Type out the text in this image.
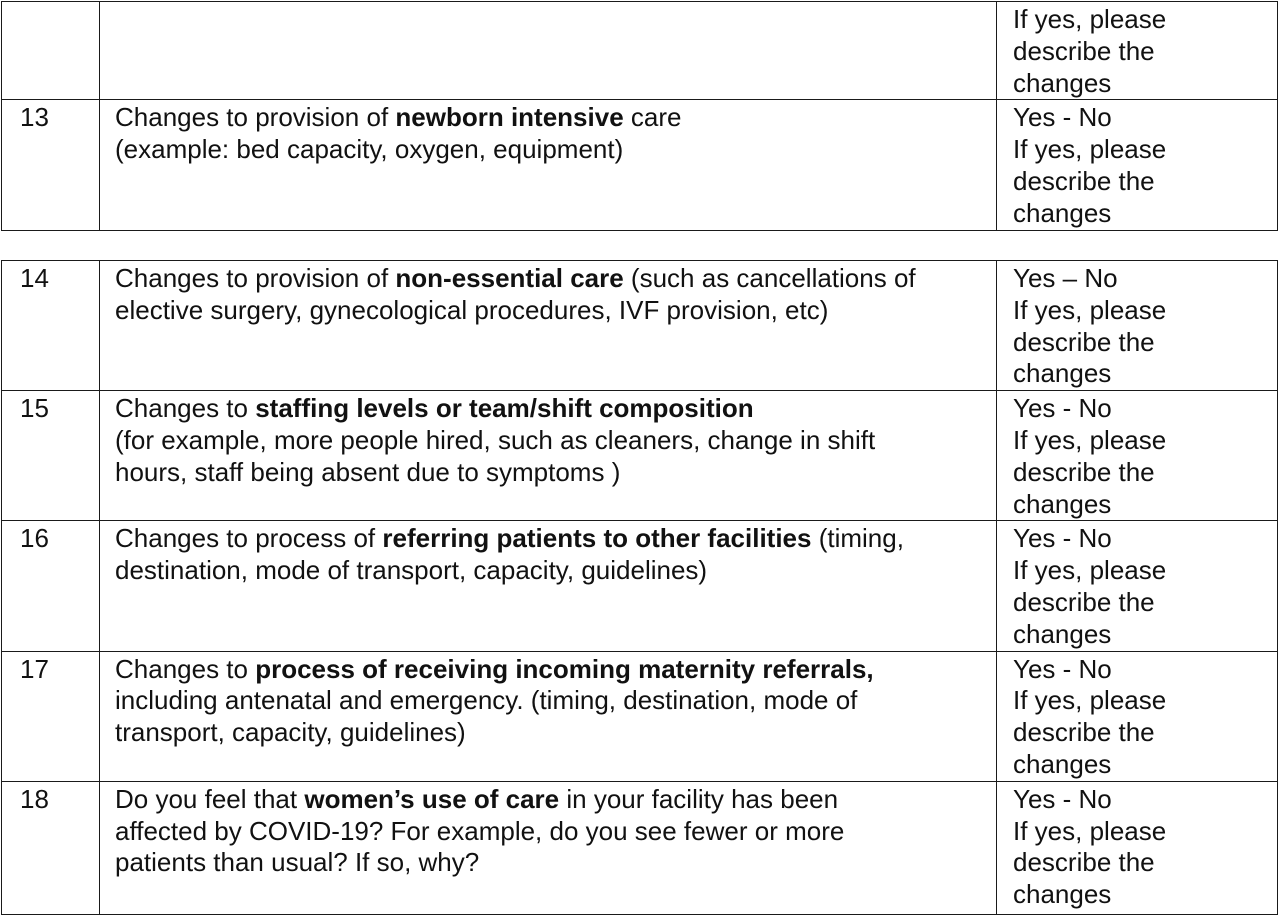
		If yes, please
describe the
changes

13	Changes to provision of newborn intensive care
(example: bed capacity, oxygen, equipment)	Yes - No
If yes, please
describe the
changes
14	Changes to provision of non-essential care (such as cancellations of
elective surgery, gynecological procedures, IVF provision, etc)	Yes – No
If yes, please
describe the
changes

15	Changes to staffing levels or team/shift composition
(for example, more people hired, such as cleaners, change in shift
hours, staff being absent due to symptoms )	Yes - No
If yes, please
describe the
changes

16	Changes to process of referring patients to other facilities (timing,
destination, mode of transport, capacity, guidelines)	Yes - No
If yes, please
describe the
changes

17	Changes to process of receiving incoming maternity referrals,
including antenatal and emergency. (timing, destination, mode of
transport, capacity, guidelines)	Yes - No
If yes, please
describe the
changes

18	Do you feel that women’s use of care in your facility has been
affected by COVID-19? For example, do you see fewer or more
patients than usual? If so, why?	Yes - No
If yes, please
describe the
changes
